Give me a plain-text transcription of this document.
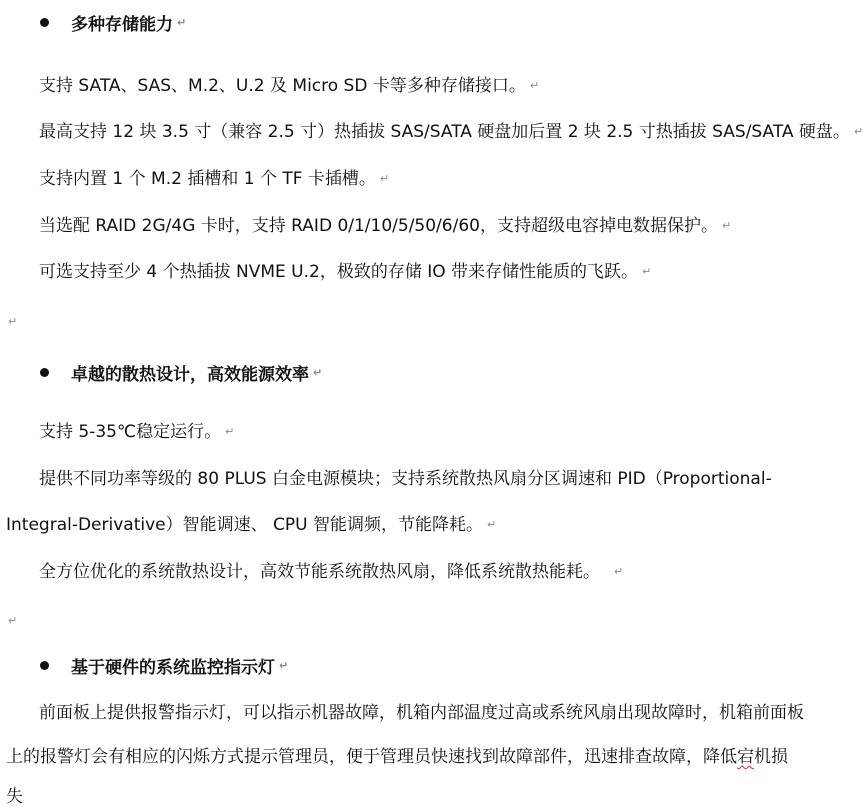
多种存储能力 ↵
支持 SATA、SAS、M.2、U.2 及 Micro SD 卡等多种存储接口。 ↵
最高支持 12 块 3.5 寸（兼容 2.5 寸）热插拔 SAS/SATA 硬盘加后置 2 块 2.5 寸热插拔 SAS/SATA 硬盘。 ↵
支持内置 1 个 M.2 插槽和 1 个 TF 卡插槽。 ↵
当选配 RAID 2G/4G 卡时，支持 RAID 0/1/10/5/50/6/60，支持超级电容掉电数据保护。 ↵
可选支持至少 4 个热插拔 NVME U.2，极致的存储 IO 带来存储性能质的飞跃。 ↵
↵
卓越的散热设计，高效能源效率 ↵
支持 5-35℃稳定运行。 ↵
提供不同功率等级的 80 PLUS 白金电源模块；支持系统散热风扇分区调速和 PID（Proportional-
Integral-Derivative）智能调速、 CPU 智能调频，节能降耗。 ↵
全方位优化的系统散热设计，高效节能系统散热风扇，降低系统散热能耗。 ↵
↵
基于硬件的系统监控指示灯 ↵
前面板上提供报警指示灯，可以指示机器故障，机箱内部温度过高或系统风扇出现故障时，机箱前面板
上的报警灯会有相应的闪烁方式提示管理员，便于管理员快速找到故障部件，迅速排查故障，降低宕机损
失
